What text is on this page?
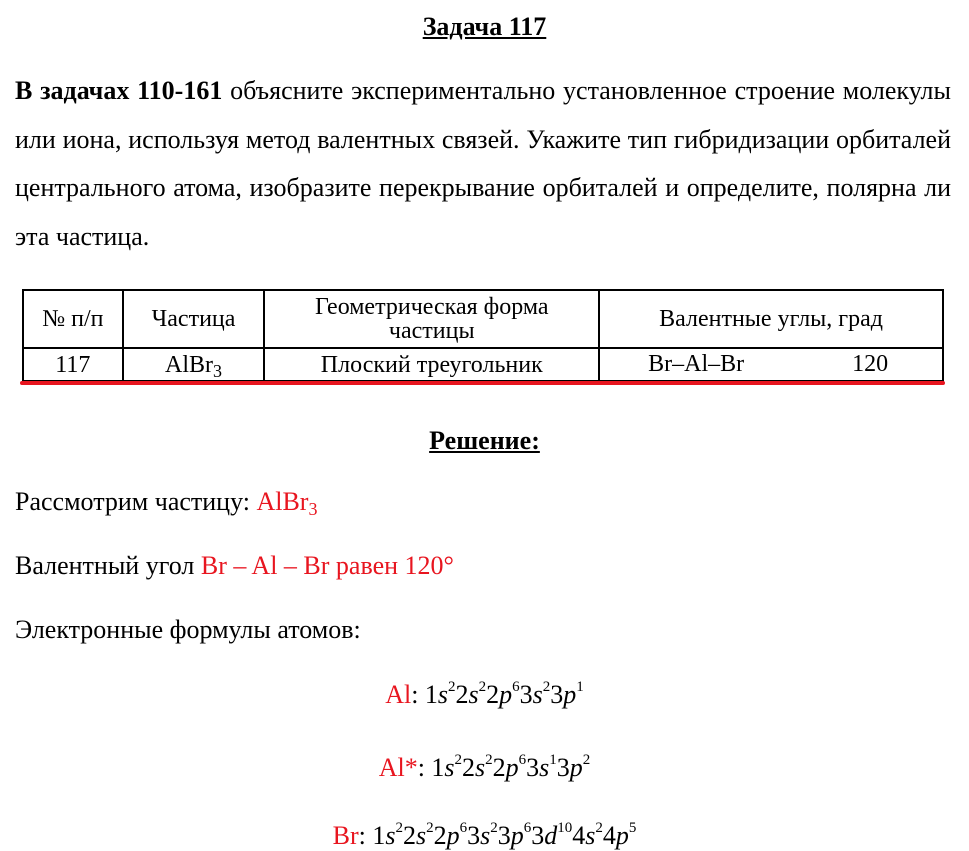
Задача 117
В задачах 110-161 объясните экспериментально установленное строение молекулы или иона, используя метод валентных связей. Укажите тип гибридизации орбиталей центрального атома, изобразите перекрывание орбиталей и определите, полярна ли эта частица.
№ п/п	Частица	Геометрическая форма частицы	Валентные углы, град
117	AlBr$_3$	Плоский треугольник	Br–Al–Br 120
Решение:
Рассмотрим частицу: AlBr$_3$
Валентный угол Br – Al – Br равен 120°
Электронные формулы атомов:
Al: $1s^22s^22p^63s^23p^1$
Al*: $1s^22s^22p^63s^13p^2$
Br: $1s^22s^22p^63s^23p^63d^{10}4s^24p^5$
